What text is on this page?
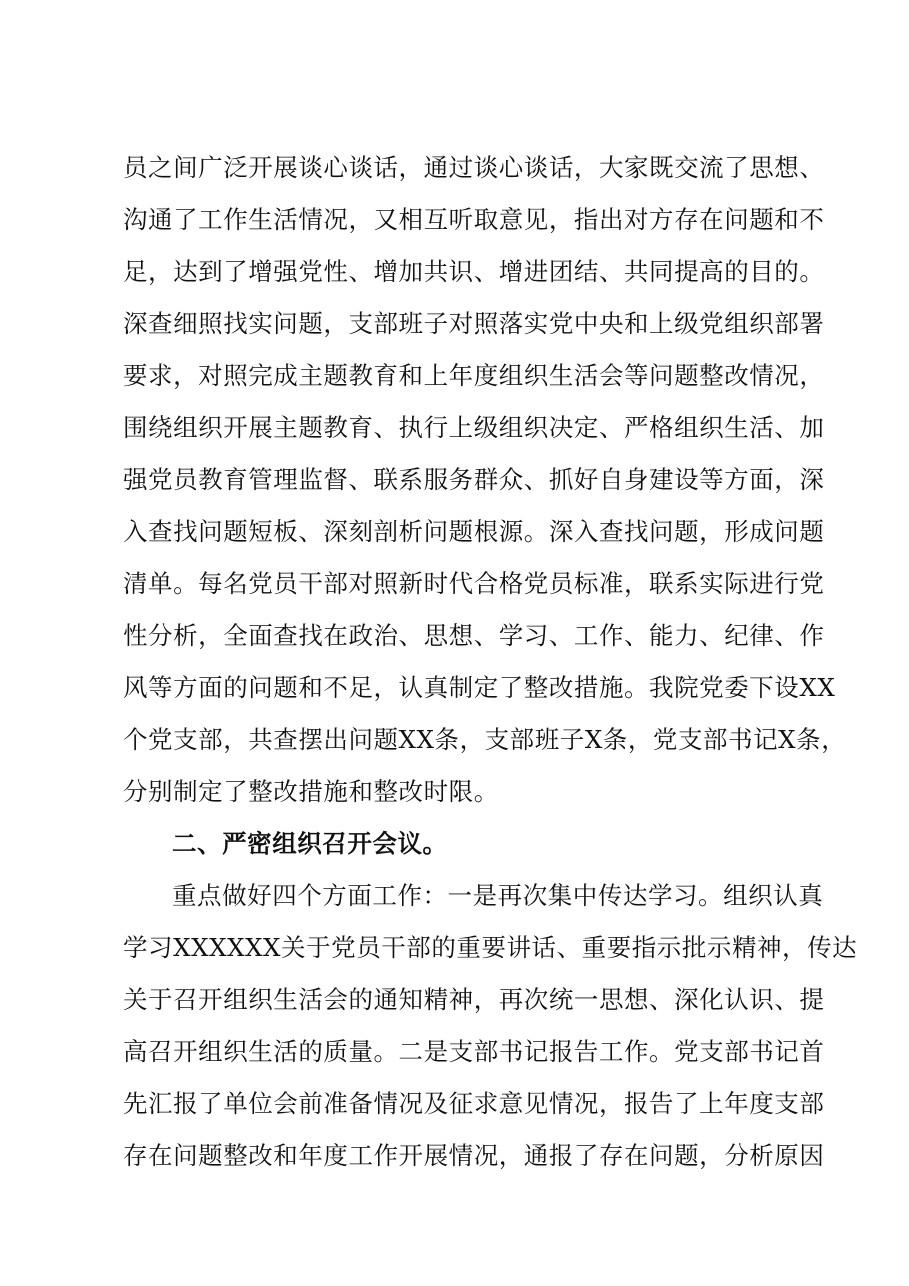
员之间广泛开展谈心谈话，通过谈心谈话，大家既交流了思想、
沟通了工作生活情况，又相互听取意见，指出对方存在问题和不
足，达到了增强党性、增加共识、增进团结、共同提高的目的。
深查细照找实问题，支部班子对照落实党中央和上级党组织部署
要求，对照完成主题教育和上年度组织生活会等问题整改情况，
围绕组织开展主题教育、执行上级组织决定、严格组织生活、加
强党员教育管理监督、联系服务群众、抓好自身建设等方面，深
入查找问题短板、深刻剖析问题根源。深入查找问题，形成问题
清单。每名党员干部对照新时代合格党员标准，联系实际进行党
性分析，全面查找在政治、思想、学习、工作、能力、纪律、作
风等方面的问题和不足，认真制定了整改措施。我院党委下设XX
个党支部，共查摆出问题XX条，支部班子X条，党支部书记X条，
分别制定了整改措施和整改时限。
二、严密组织召开会议。
重点做好四个方面工作：一是再次集中传达学习。组织认真
学习XXXXXX关于党员干部的重要讲话、重要指示批示精神，传达
关于召开组织生活会的通知精神，再次统一思想、深化认识、提
高召开组织生活的质量。二是支部书记报告工作。党支部书记首
先汇报了单位会前准备情况及征求意见情况，报告了上年度支部
存在问题整改和年度工作开展情况，通报了存在问题，分析原因
